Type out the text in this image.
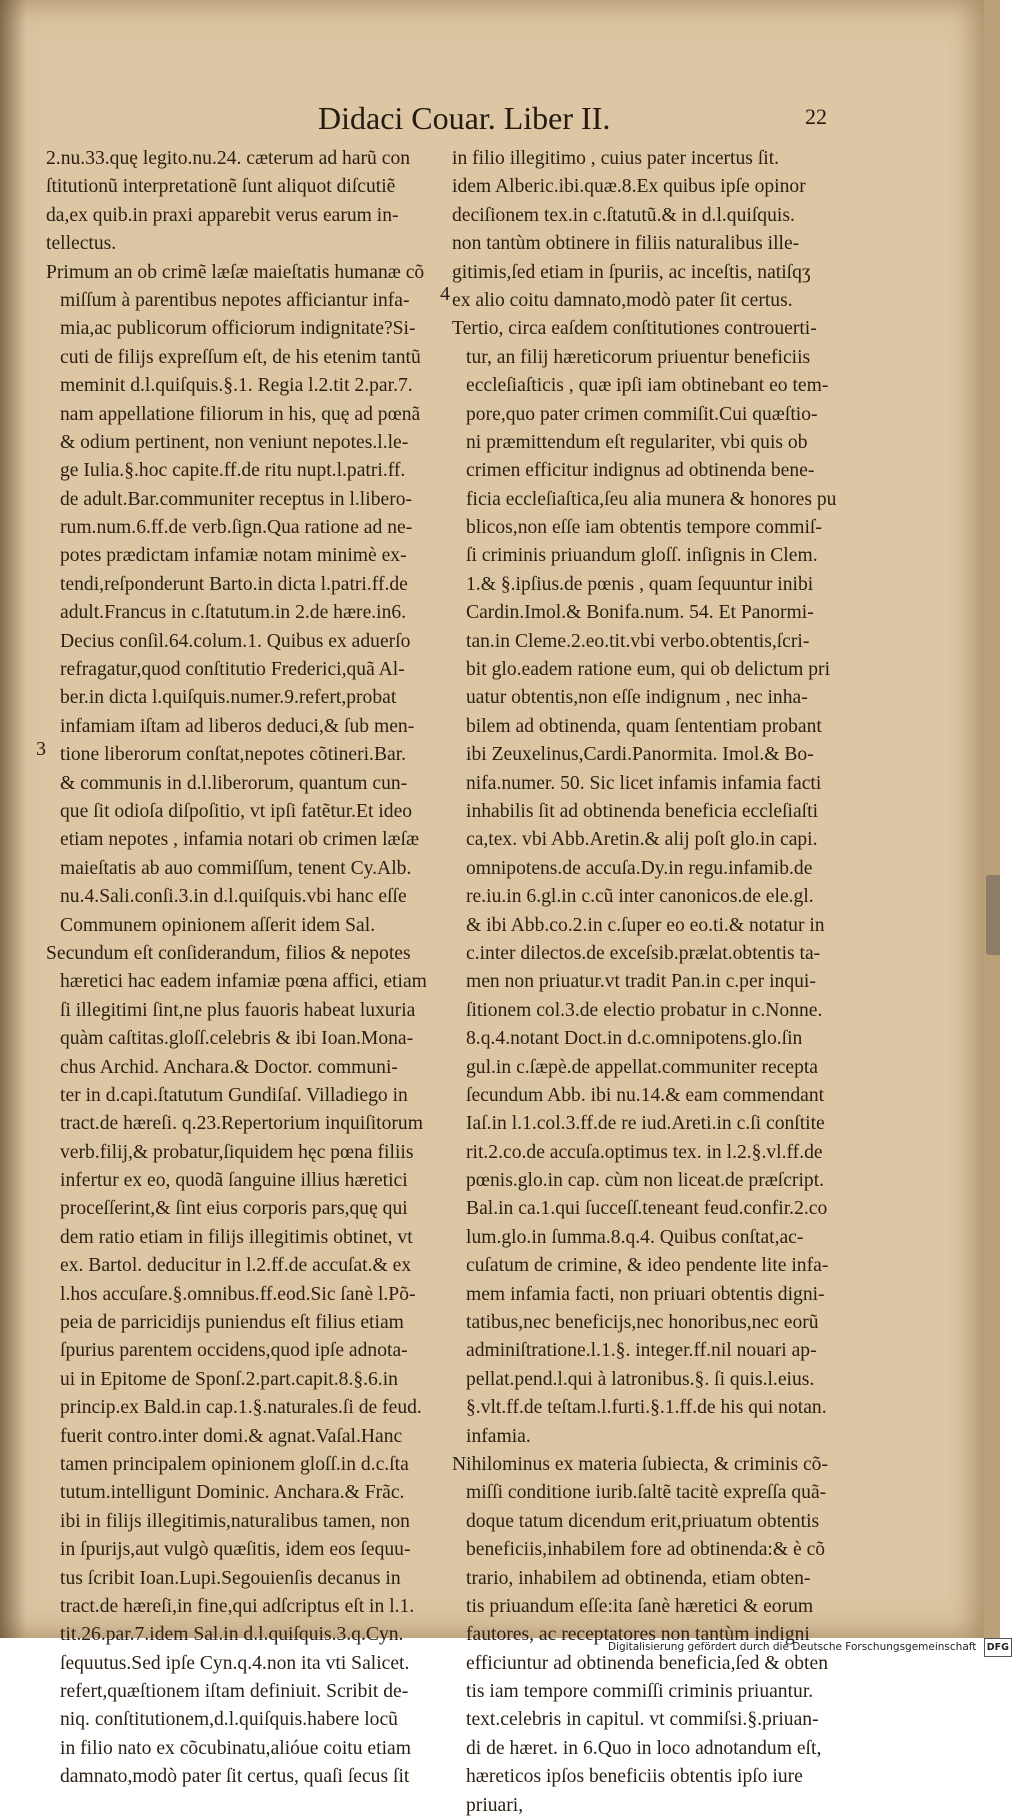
Didaci Couar. Liber II.	22
2.nu.33.quę legito.nu.24. cæterum ad harũ con
ſtitutionũ interpretationẽ ſunt aliquot diſcutiẽ
da,ex quib.in praxi apparebit verus earum in-
tellectus.
Primum an ob crimẽ læſæ maieſtatis humanæ cõ
miſſum à parentibus nepotes afficiantur infa-
mia,ac publicorum officiorum indignitate?Si-
cuti de filijs expreſſum eſt, de his etenim tantũ
meminit d.l.quiſquis.§.1. Regia l.2.tit 2.par.7.
nam appellatione filiorum in his, quę ad pœnã
& odium pertinent, non veniunt nepotes.l.le-
ge Iulia.§.hoc capite.ff.de ritu nupt.l.patri.ff.
de adult.Bar.communiter receptus in l.libero-
rum.num.6.ff.de verb.ſign.Qua ratione ad ne-
potes prædictam infamiæ notam minimè ex-
tendi,reſponderunt Barto.in dicta l.patri.ff.de
adult.Francus in c.ſtatutum.in 2.de hære.in6.
Decius conſil.64.colum.1. Quibus ex aduerſo
refragatur,quod conſtitutio Frederici,quã Al-
ber.in dicta l.quiſquis.numer.9.refert,probat
infamiam iſtam ad liberos deduci,& ſub men-
tione liberorum conſtat,nepotes cõtineri.Bar.
& communis in d.l.liberorum, quantum cun-
que ſit odioſa diſpoſitio, vt ipſi fatẽtur.Et ideo
etiam nepotes , infamia notari ob crimen læſæ
maieſtatis ab auo commiſſum, tenent Cy.Alb.
nu.4.Sali.conſi.3.in d.l.quiſquis.vbi hanc eſſe
Communem opinionem aſſerit idem Sal.
Secundum eſt conſiderandum, filios & nepotes
hæretici hac eadem infamiæ pœna affici, etiam
ſi illegitimi ſint,ne plus fauoris habeat luxuria
quàm caſtitas.gloſſ.celebris & ibi Ioan.Mona-
chus Archid. Anchara.& Doctor. communi-
ter in d.capi.ſtatutum Gundiſaſ. Villadiego in
tract.de hæreſi. q.23.Repertorium inquiſitorum
verb.filij,& probatur,ſiquidem hęc pœna filiis
infertur ex eo, quodã ſanguine illius hæretici
proceſſerint,& ſint eius corporis pars,quę qui
dem ratio etiam in filijs illegitimis obtinet, vt
ex. Bartol. deducitur in l.2.ff.de accuſat.& ex
l.hos accuſare.§.omnibus.ff.eod.Sic ſanè l.Põ-
peia de parricidijs puniendus eſt filius etiam
ſpurius parentem occidens,quod ipſe adnota-
ui in Epitome de Sponſ.2.part.capit.8.§.6.in
princip.ex Bald.in cap.1.§.naturales.ſi de feud.
fuerit contro.inter domi.& agnat.Vaſal.Hanc
tamen principalem opinionem gloſſ.in d.c.ſta
tutum.intelligunt Dominic. Anchara.& Frãc.
ibi in filijs illegitimis,naturalibus tamen, non
in ſpurijs,aut vulgò quæſitis, idem eos ſequu-
tus ſcribit Ioan.Lupi.Segouienſis decanus in
tract.de hæreſi,in fine,qui adſcriptus eſt in l.1.
tit.26.par.7.idem Sal.in d.l.quiſquis.3.q.Cyn.
ſequutus.Sed ipſe Cyn.q.4.non ita vti Salicet.
refert,quæſtionem iſtam definiuit. Scribit de-
niq. conſtitutionem,d.l.quiſquis.habere locũ
in filio nato ex cõcubinatu,alióue coitu etiam
damnato,modò pater ſit certus, quaſi ſecus ſit
in filio illegitimo , cuius pater incertus ſit.
idem Alberic.ibi.quæ.8.Ex quibus ipſe opinor
deciſionem tex.in c.ſtatutũ.& in d.l.quiſquis.
non tantùm obtinere in filiis naturalibus ille-
gitimis,ſed etiam in ſpuriis, ac inceſtis, natiſqʒ
ex alio coitu damnato,modò pater ſit certus.
Tertio, circa eaſdem conſtitutiones controuerti-
tur, an filij hæreticorum priuentur beneficiis
eccleſiaſticis , quæ ipſi iam obtinebant eo tem-
pore,quo pater crimen commiſit.Cui quæſtio-
ni præmittendum eſt regulariter, vbi quis ob
crimen efficitur indignus ad obtinenda bene-
ficia eccleſiaſtica,ſeu alia munera & honores pu
blicos,non eſſe iam obtentis tempore commiſ-
ſi criminis priuandum gloſſ. inſignis in Clem.
1.& §.ipſius.de pœnis , quam ſequuntur inibi
Cardin.Imol.& Bonifa.num. 54. Et Panormi-
tan.in Cleme.2.eo.tit.vbi verbo.obtentis,ſcri-
bit glo.eadem ratione eum, qui ob delictum pri
uatur obtentis,non eſſe indignum , nec inha-
bilem ad obtinenda, quam ſententiam probant
ibi Zeuxelinus,Cardi.Panormita. Imol.& Bo-
nifa.numer. 50. Sic licet infamis infamia facti
inhabilis ſit ad obtinenda beneficia eccleſiaſti
ca,tex. vbi Abb.Aretin.& alij poſt glo.in capi.
omnipotens.de accuſa.Dy.in regu.infamib.de
re.iu.in 6.gl.in c.cũ inter canonicos.de ele.gl.
& ibi Abb.co.2.in c.ſuper eo eo.ti.& notatur in
c.inter dilectos.de exceſsib.prælat.obtentis ta-
men non priuatur.vt tradit Pan.in c.per inqui-
ſitionem col.3.de electio probatur in c.Nonne.
8.q.4.notant Doct.in d.c.omnipotens.glo.ſin
gul.in c.ſæpè.de appellat.communiter recepta
ſecundum Abb. ibi nu.14.& eam commendant
Iaſ.in l.1.col.3.ff.de re iud.Areti.in c.ſi conſtite
rit.2.co.de accuſa.optimus tex. in l.2.§.vl.ff.de
pœnis.glo.in cap. cùm non liceat.de præſcript.
Bal.in ca.1.qui ſucceſſ.teneant feud.confir.2.co
lum.glo.in ſumma.8.q.4. Quibus conſtat,ac-
cuſatum de crimine, & ideo pendente lite infa-
mem infamia facti, non priuari obtentis digni-
tatibus,nec beneficijs,nec honoribus,nec eorũ
adminiſtratione.l.1.§. integer.ff.nil nouari ap-
pellat.pend.l.qui à latronibus.§. ſi quis.l.eius.
§.vlt.ff.de teſtam.l.furti.§.1.ff.de his qui notan.
infamia.
Nihilominus ex materia ſubiecta, & criminis cõ-
miſſi conditione iurib.ſaltẽ tacitè expreſſa quã-
doque tatum dicendum erit,priuatum obtentis
beneficiis,inhabilem fore ad obtinenda:& è cõ
trario, inhabilem ad obtinenda, etiam obten-
tis priuandum eſſe:ita ſanè hæretici & eorum
fautores, ac receptatores non tantùm indigni
efficiuntur ad obtinenda beneficia,ſed & obten
tis iam tempore commiſſi criminis priuantur.
text.celebris in capitul. vt commiſsi.§.priuan-
di de hæret. in 6.Quo in loco adnotandum eſt,
hæreticos ipſos beneficiis obtentis ipſo iure
priuari,
3
4
Digitalisierung gefördert durch die Deutsche Forschungsgemeinschaft DFG
